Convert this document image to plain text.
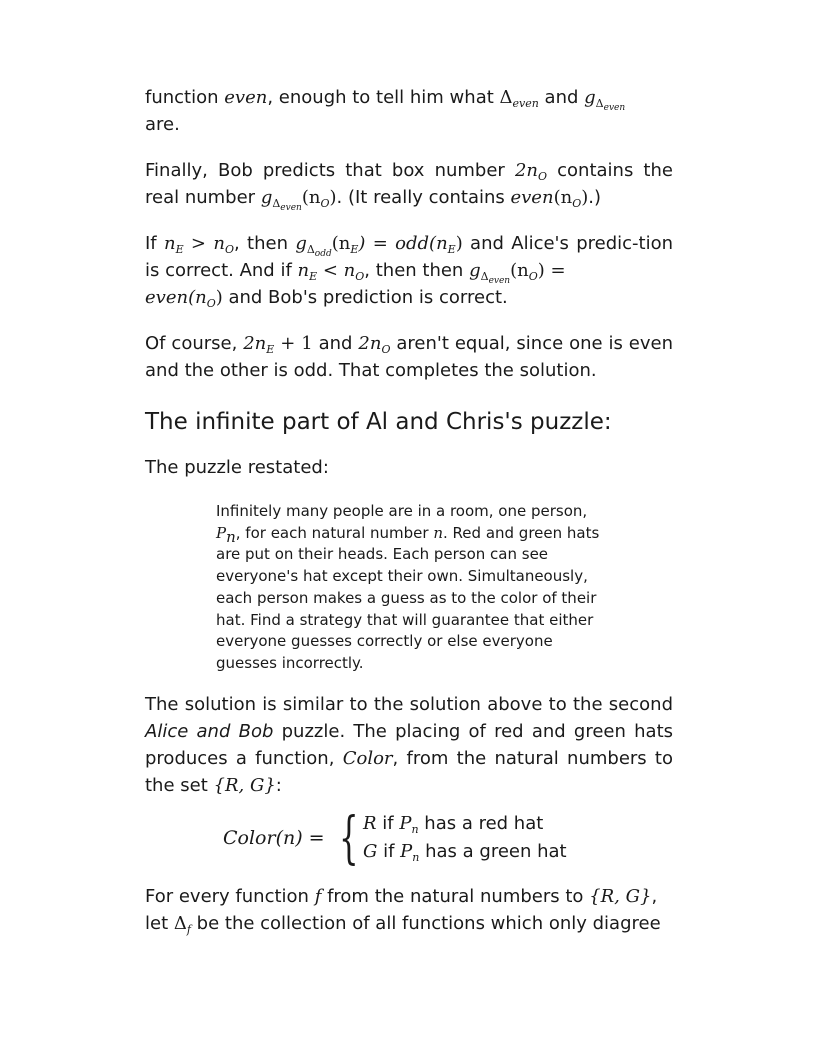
function even, enough to tell him what $\Delta_{even}$ and $g_{\Delta_{even}}$
are.

Finally, Bob predicts that box number $2n_O$ contains the real number $g_{\Delta_{even}}(n_O)$. (It really contains $even(n_O)$.)

If $n_E > n_O$, then $g_{\Delta_{odd}}(n_E) = odd(n_E)$ and Alice's predic-tion is correct. And if $n_E < n_O$, then then $g_{\Delta_{even}}(n_O)$ =
$even(n_O)$ and Bob's prediction is correct.

Of course, $2n_E + 1$ and $2n_O$ aren't equal, since one is even and the other is odd. That completes the solution.

The infinite part of Al and Chris's puzzle:

The puzzle restated:

Infinitely many people are in a room, one person,
$P_n$, for each natural number n. Red and green hats are put on their heads. Each person can see everyone's hat except their own. Simultaneously, each person makes a guess as to the color of their hat. Find a strategy that will guarantee that either everyone guesses correctly or else everyone guesses incorrectly.

The solution is similar to the solution above to the second Alice and Bob puzzle. The placing of red and green hats produces a function, Color, from the natural numbers to the set {R, G}:

Color(n) = { R if $P_n$ has a red hat
G if $P_n$ has a green hat

For every function f from the natural numbers to {R, G},
let $\Delta_f$ be the collection of all functions which only diagree
